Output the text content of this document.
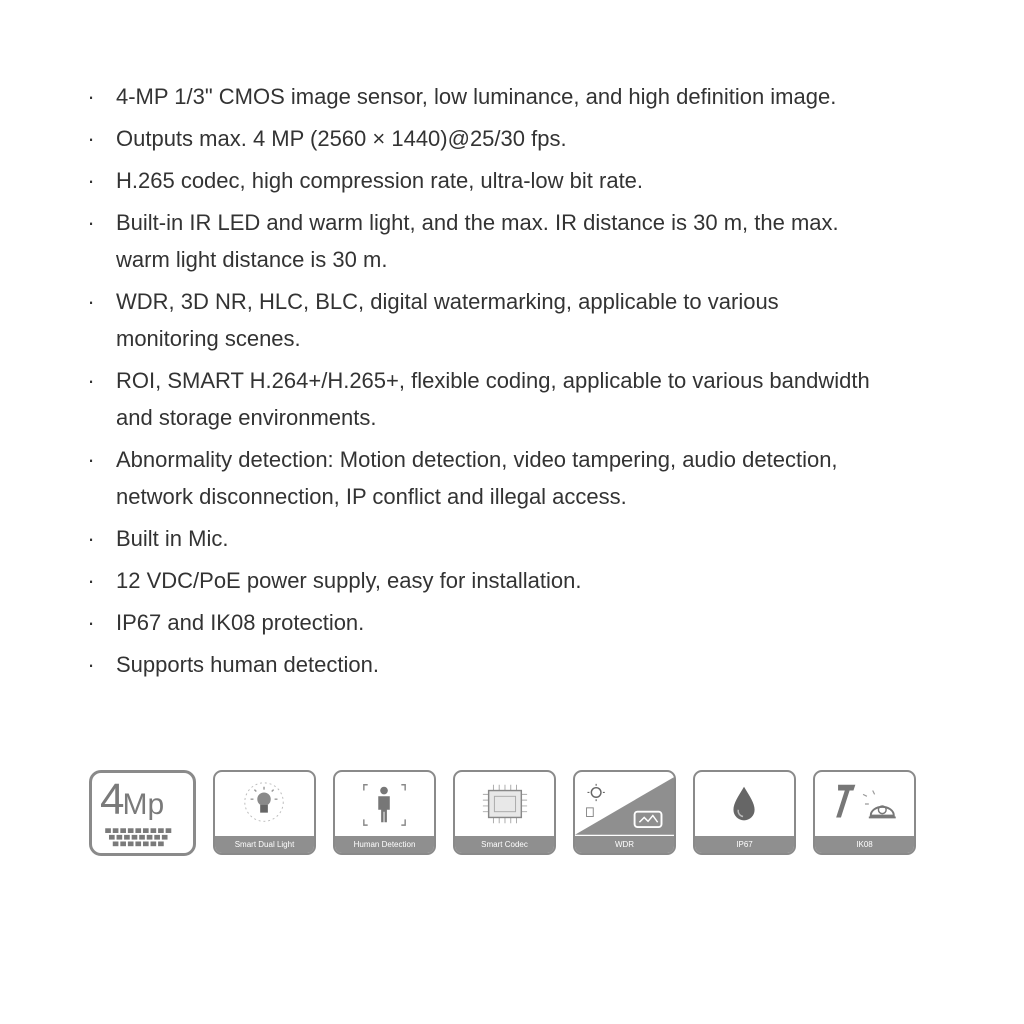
· 4-MP 1/3" CMOS image sensor, low luminance, and high definition image.
· Outputs max. 4 MP (2560 × 1440)@25/30 fps.
· H.265 codec, high compression rate, ultra-low bit rate.
· Built-in IR LED and warm light, and the max. IR distance is 30 m, the max. warm light distance is 30 m.
· WDR, 3D NR, HLC, BLC, digital watermarking, applicable to various monitoring scenes.
· ROI, SMART H.264+/H.265+, flexible coding, applicable to various bandwidth and storage environments.
· Abnormality detection: Motion detection, video tampering, audio detection, network disconnection, IP conflict and illegal access.
· Built in Mic.
· 12 VDC/PoE power supply, easy for installation.
· IP67 and IK08 protection.
· Supports human detection.
4Mp
Smart Dual Light	Human Detection	Smart Codec	WDR	IP67	IK08
